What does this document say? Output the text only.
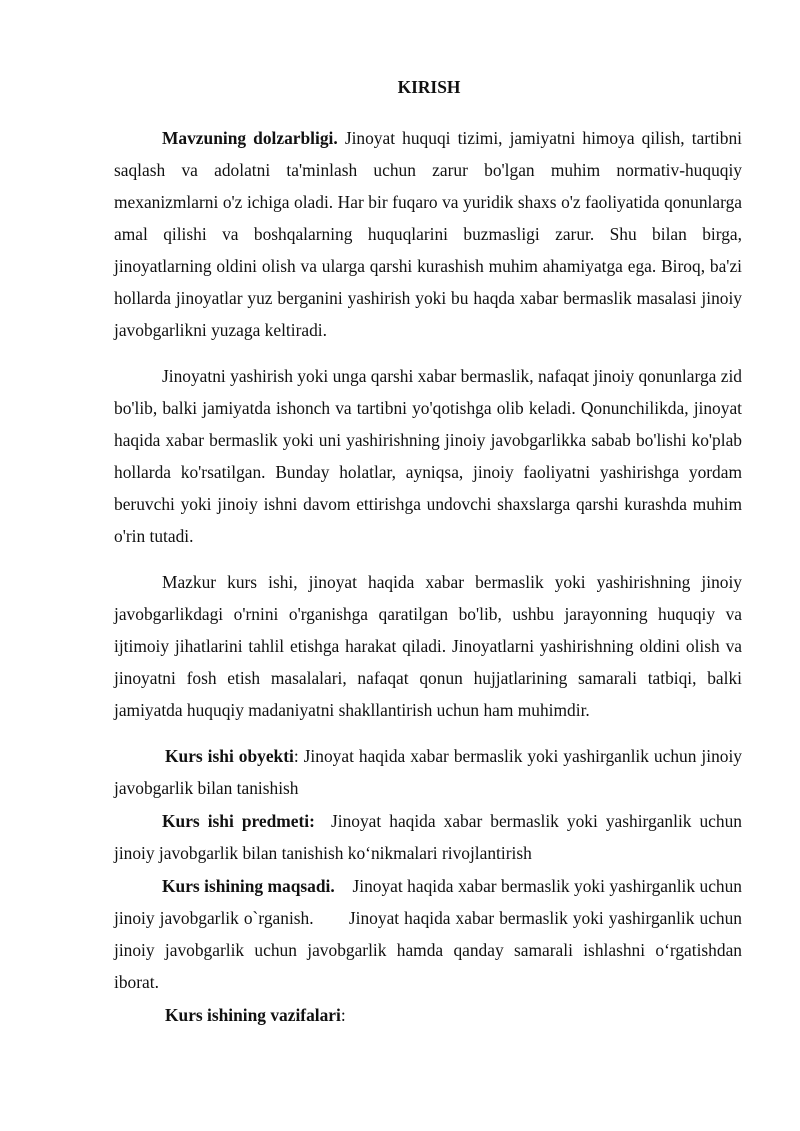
KIRISH

Mavzuning dolzarbligi. Jinoyat huquqi tizimi, jamiyatni himoya qilish, tartibni saqlash va adolatni ta'minlash uchun zarur bo'lgan muhim normativ-huquqiy mexanizmlarni o'z ichiga oladi. Har bir fuqaro va yuridik shaxs o'z faoliyatida qonunlarga amal qilishi va boshqalarning huquqlarini buzmasligi zarur. Shu bilan birga, jinoyatlarning oldini olish va ularga qarshi kurashish muhim ahamiyatga ega. Biroq, ba'zi hollarda jinoyatlar yuz berganini yashirish yoki bu haqda xabar bermaslik masalasi jinoiy javobgarlikni yuzaga keltiradi.

Jinoyatni yashirish yoki unga qarshi xabar bermaslik, nafaqat jinoiy qonunlarga zid bo'lib, balki jamiyatda ishonch va tartibni yo'qotishga olib keladi. Qonunchilikda, jinoyat haqida xabar bermaslik yoki uni yashirishning jinoiy javobgarlikka sabab bo'lishi ko'plab hollarda ko'rsatilgan. Bunday holatlar, ayniqsa, jinoiy faoliyatni yashirishga yordam beruvchi yoki jinoiy ishni davom ettirishga undovchi shaxslarga qarshi kurashda muhim o'rin tutadi.

Mazkur kurs ishi, jinoyat haqida xabar bermaslik yoki yashirishning jinoiy javobgarlikdagi o'rnini o'rganishga qaratilgan bo'lib, ushbu jarayonning huquqiy va ijtimoiy jihatlarini tahlil etishga harakat qiladi. Jinoyatlarni yashirishning oldini olish va jinoyatni fosh etish masalalari, nafaqat qonun hujjatlarining samarali tatbiqi, balki jamiyatda huquqiy madaniyatni shakllantirish uchun ham muhimdir.

Kurs ishi obyekti: Jinoyat haqida xabar bermaslik yoki yashirganlik uchun jinoiy javobgarlik bilan tanishish

Kurs ishi predmeti:  Jinoyat haqida xabar bermaslik yoki yashirganlik uchun jinoiy javobgarlik bilan tanishish ko‘nikmalari rivojlantirish

Kurs ishining maqsadi.    Jinoyat haqida xabar bermaslik yoki yashirganlik uchun jinoiy javobgarlik o`rganish.       Jinoyat haqida xabar bermaslik yoki yashirganlik uchun jinoiy javobgarlik uchun javobgarlik hamda qanday samarali ishlashni o‘rgatishdan iborat.

Kurs ishining vazifalari:
